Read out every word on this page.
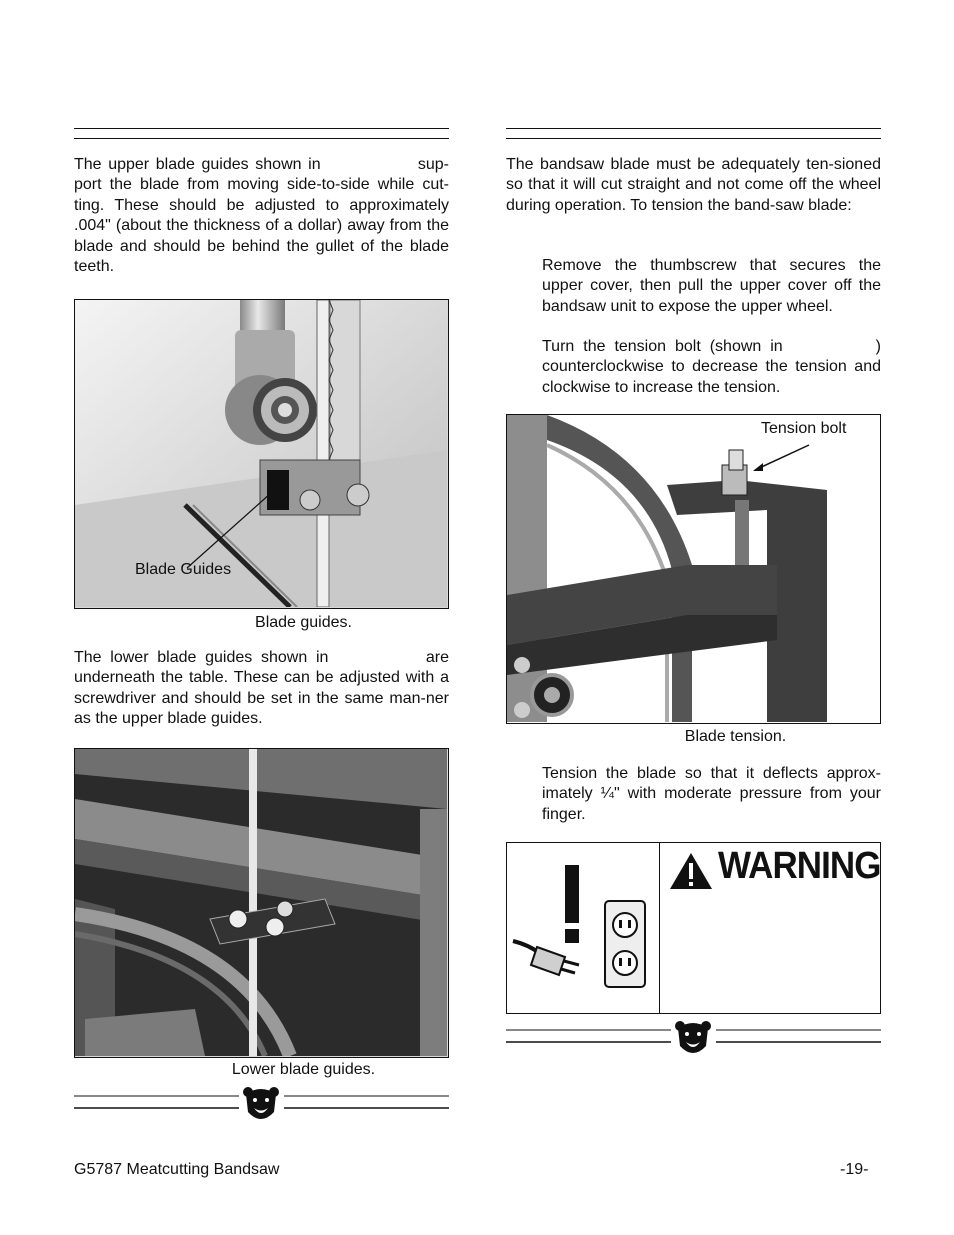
The upper blade guides shown in	sup-port the blade from moving side-to-side while cut-ting. These should be adjusted to approximately .004" (about the thickness of a dollar) away from the blade and should be behind the gullet of the blade teeth.

Blade Guides
Blade guides.

The lower blade guides shown in	are underneath the table. These can be adjusted with a screwdriver and should be set in the same man-ner as the upper blade guides.

Lower blade guides.

The bandsaw blade must be adequately ten-sioned so that it will cut straight and not come off the wheel during operation. To tension the band-saw blade:

Remove the thumbscrew that secures the upper cover, then pull the upper cover off the bandsaw unit to expose the upper wheel.

Turn the tension bolt (shown in	) counterclockwise to decrease the tension and clockwise to increase the tension.

Tension bolt
Blade tension.

Tension the blade so that it deflects approx-imately ¼" with moderate pressure from your finger.

WARNING
G5787 Meatcutting Bandsaw	-19-
